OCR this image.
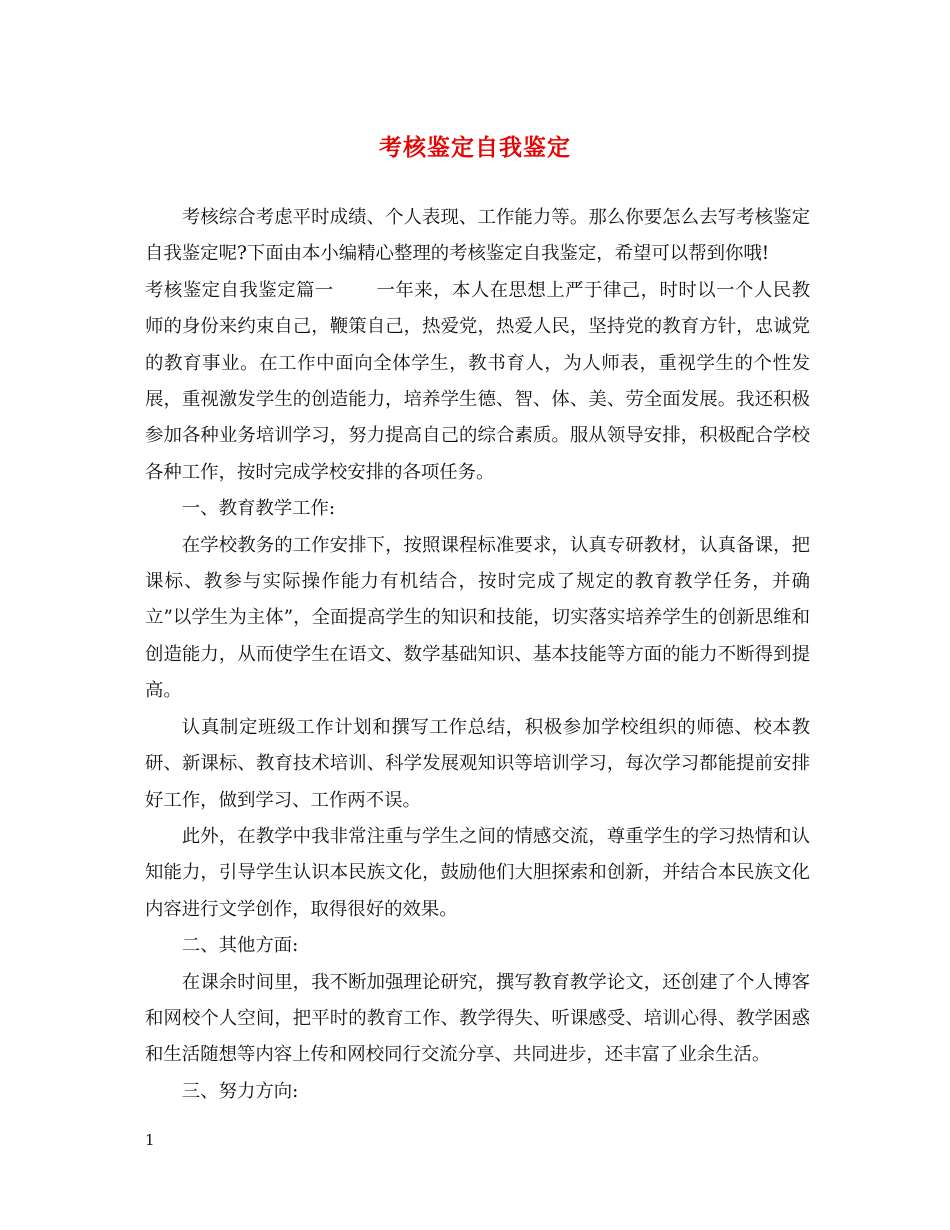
考核鉴定自我鉴定

考核综合考虑平时成绩、个人表现、工作能力等。那么你要怎么去写考核鉴定自我鉴定呢?下面由本小编精心整理的考核鉴定自我鉴定，希望可以帮到你哦!

考核鉴定自我鉴定篇一 一年来，本人在思想上严于律己，时时以一个人民教师的身份来约束自己，鞭策自己，热爱党，热爱人民，坚持党的教育方针，忠诚党的教育事业。在工作中面向全体学生，教书育人，为人师表，重视学生的个性发展，重视激发学生的创造能力，培养学生德、智、体、美、劳全面发展。我还积极参加各种业务培训学习，努力提高自己的综合素质。服从领导安排，积极配合学校各种工作，按时完成学校安排的各项任务。

一、教育教学工作:

在学校教务的工作安排下，按照课程标准要求，认真专研教材，认真备课，把课标、教参与实际操作能力有机结合，按时完成了规定的教育教学任务，并确立”以学生为主体”，全面提高学生的知识和技能，切实落实培养学生的创新思维和创造能力，从而使学生在语文、数学基础知识、基本技能等方面的能力不断得到提高。

认真制定班级工作计划和撰写工作总结，积极参加学校组织的师德、校本教研、新课标、教育技术培训、科学发展观知识等培训学习，每次学习都能提前安排好工作，做到学习、工作两不误。

此外，在教学中我非常注重与学生之间的情感交流，尊重学生的学习热情和认知能力，引导学生认识本民族文化，鼓励他们大胆探索和创新，并结合本民族文化内容进行文学创作，取得很好的效果。

二、其他方面:

在课余时间里，我不断加强理论研究，撰写教育教学论文，还创建了个人博客和网校个人空间，把平时的教育工作、教学得失、听课感受、培训心得、教学困惑和生活随想等内容上传和网校同行交流分享、共同进步，还丰富了业余生活。

三、努力方向:

1
